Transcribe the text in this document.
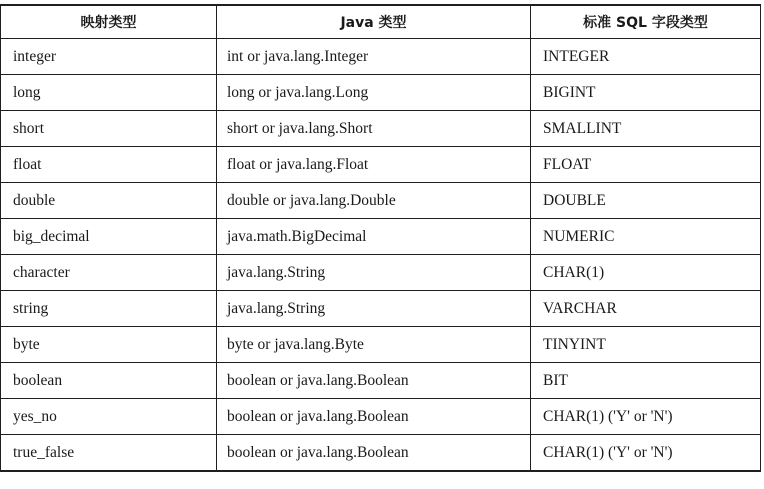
映射类型	Java 类型	标准 SQL 字段类型
integer	int or java.lang.Integer	INTEGER
long	long or java.lang.Long	BIGINT
short	short or java.lang.Short	SMALLINT
float	float or java.lang.Float	FLOAT
double	double or java.lang.Double	DOUBLE
big_decimal	java.math.BigDecimal	NUMERIC
character	java.lang.String	CHAR(1)
string	java.lang.String	VARCHAR
byte	byte or java.lang.Byte	TINYINT
boolean	boolean or java.lang.Boolean	BIT
yes_no	boolean or java.lang.Boolean	CHAR(1) ('Y' or 'N')
true_false	boolean or java.lang.Boolean	CHAR(1) ('Y' or 'N')
